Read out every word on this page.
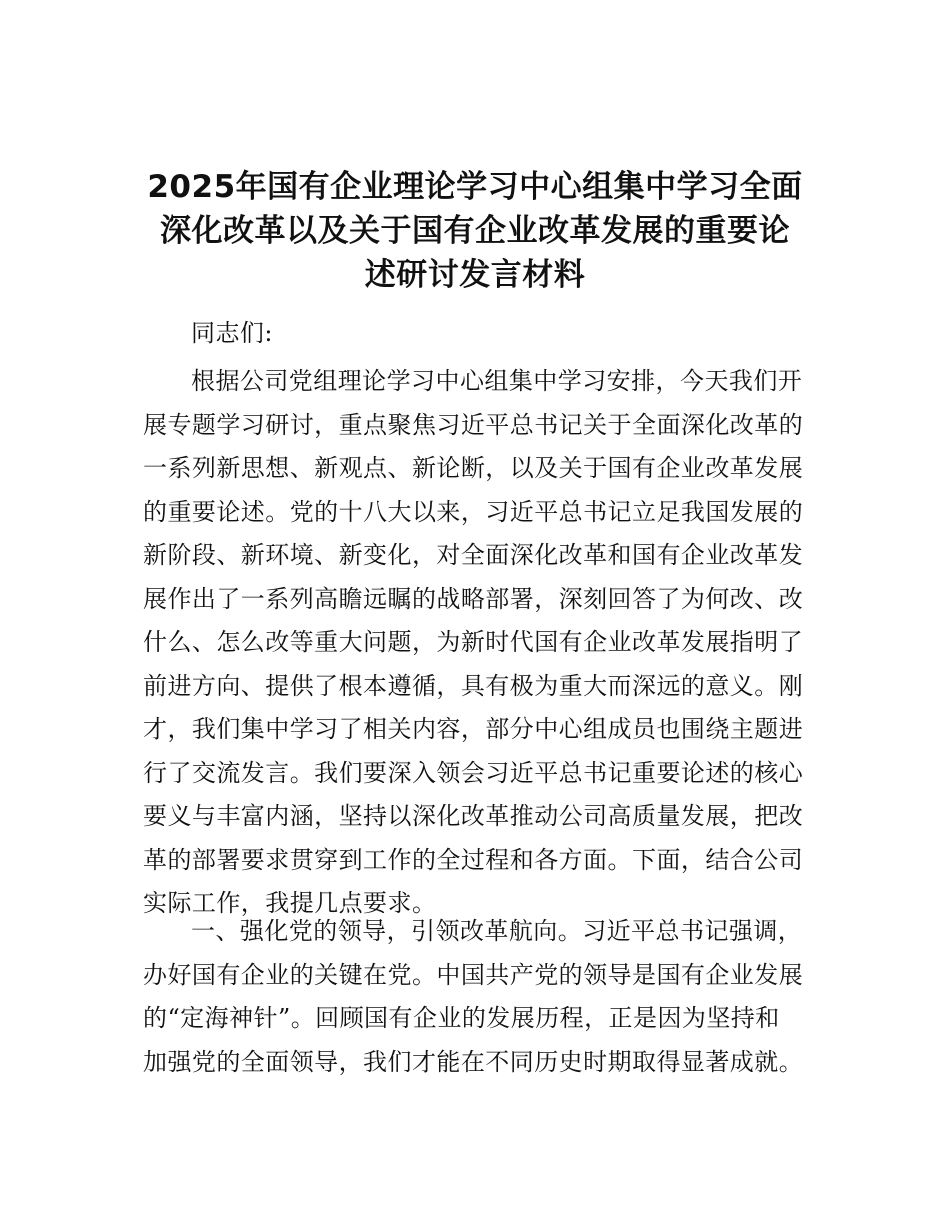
2025年国有企业理论学习中心组集中学习全面
深化改革以及关于国有企业改革发展的重要论
述研讨发言材料
同志们:
根据公司党组理论学习中心组集中学习安排，今天我们开
展专题学习研讨，重点聚焦习近平总书记关于全面深化改革的
一系列新思想、新观点、新论断，以及关于国有企业改革发展
的重要论述。党的十八大以来，习近平总书记立足我国发展的
新阶段、新环境、新变化，对全面深化改革和国有企业改革发
展作出了一系列高瞻远瞩的战略部署，深刻回答了为何改、改
什么、怎么改等重大问题，为新时代国有企业改革发展指明了
前进方向、提供了根本遵循，具有极为重大而深远的意义。刚
才，我们集中学习了相关内容，部分中心组成员也围绕主题进
行了交流发言。我们要深入领会习近平总书记重要论述的核心
要义与丰富内涵，坚持以深化改革推动公司高质量发展，把改
革的部署要求贯穿到工作的全过程和各方面。下面，结合公司
实际工作，我提几点要求。
一、强化党的领导，引领改革航向。习近平总书记强调，
办好国有企业的关键在党。中国共产党的领导是国有企业发展
的“定海神针”。回顾国有企业的发展历程，正是因为坚持和
加强党的全面领导，我们才能在不同历史时期取得显著成就。
